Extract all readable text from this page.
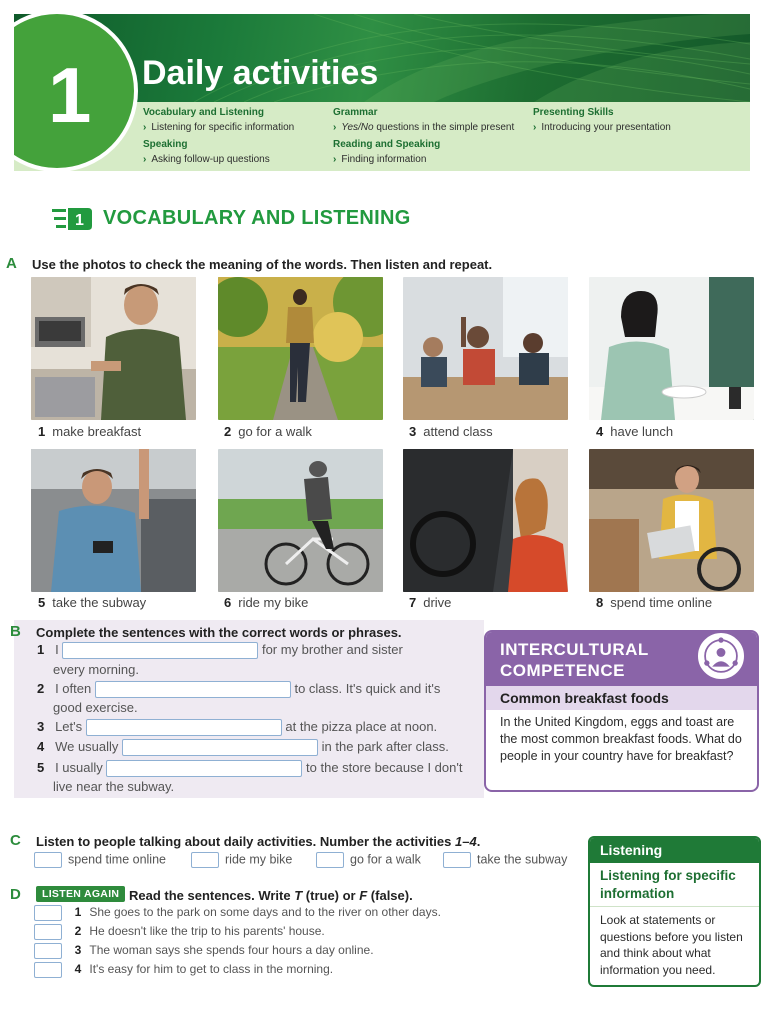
Daily activities
1	Vocabulary and Listening
› Listening for specific information
Speaking
› Asking follow-up questions
Grammar
› Yes/No questions in the simple present
Reading and Speaking
› Finding information
Presenting Skills
› Introducing your presentation
1 VOCABULARY AND LISTENING
A Use the photos to check the meaning of the words. Then listen and repeat.
1 make breakfast	2 go for a walk	3 attend class	4 have lunch
5 take the subway	6 ride my bike	7 drive	8 spend time online
B Complete the sentences with the correct words or phrases.
1 I	for my brother and sister
every morning.
2 I often	to class. It's quick and it's
good exercise.
3 Let's	at the pizza place at noon.
4 We usually	in the park after class.
5 I usually	to the store because I don't
live near the subway.
INTERCULTURAL
COMPETENCE
Common breakfast foods
In the United Kingdom, eggs and toast are the most common breakfast foods. What do people in your country have for breakfast?
C Listen to people talking about daily activities. Number the activities 1–4.
spend time online	ride my bike	go for a walk	take the subway
D	LISTEN AGAIN Read the sentences. Write T (true) or F (false).
1 She goes to the park on some days and to the river on other days.
2 He doesn't like the trip to his parents' house.
3 The woman says she spends four hours a day online.
4 It's easy for him to get to class in the morning.
Listening
Listening for specific information
Look at statements or questions before you listen and think about what information you need.
